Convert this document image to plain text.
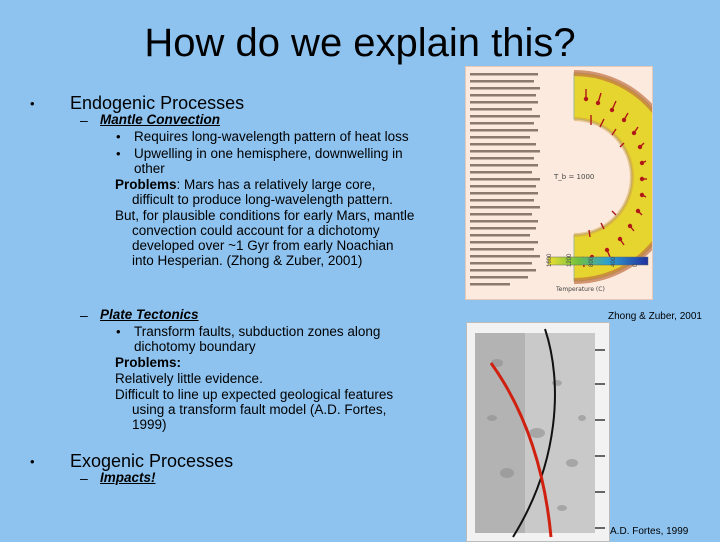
How do we explain this?
• Endogenic Processes
– Mantle Convection
• Requires long-wavelength pattern of heat loss
• Upwelling in one hemisphere, downwelling in
other
Problems: Mars has a relatively large core,
difficult to produce long-wavelength pattern.
But, for plausible conditions for early Mars, mantle
convection could account for a dichotomy
developed over ~1 Gyr from early Noachian
into Hesperian. (Zhong & Zuber, 2001)
– Plate Tectonics
• Transform faults, subduction zones along
dichotomy boundary
Problems:
Relatively little evidence.
Difficult to line up expected geological features
using a transform fault model (A.D. Fortes,
1999)
• Exogenic Processes
– Impacts!
T_b = 1000
Temperature (C)
1600	1200	800	400	0
Zhong & Zuber, 2001
A.D. Fortes, 1999
